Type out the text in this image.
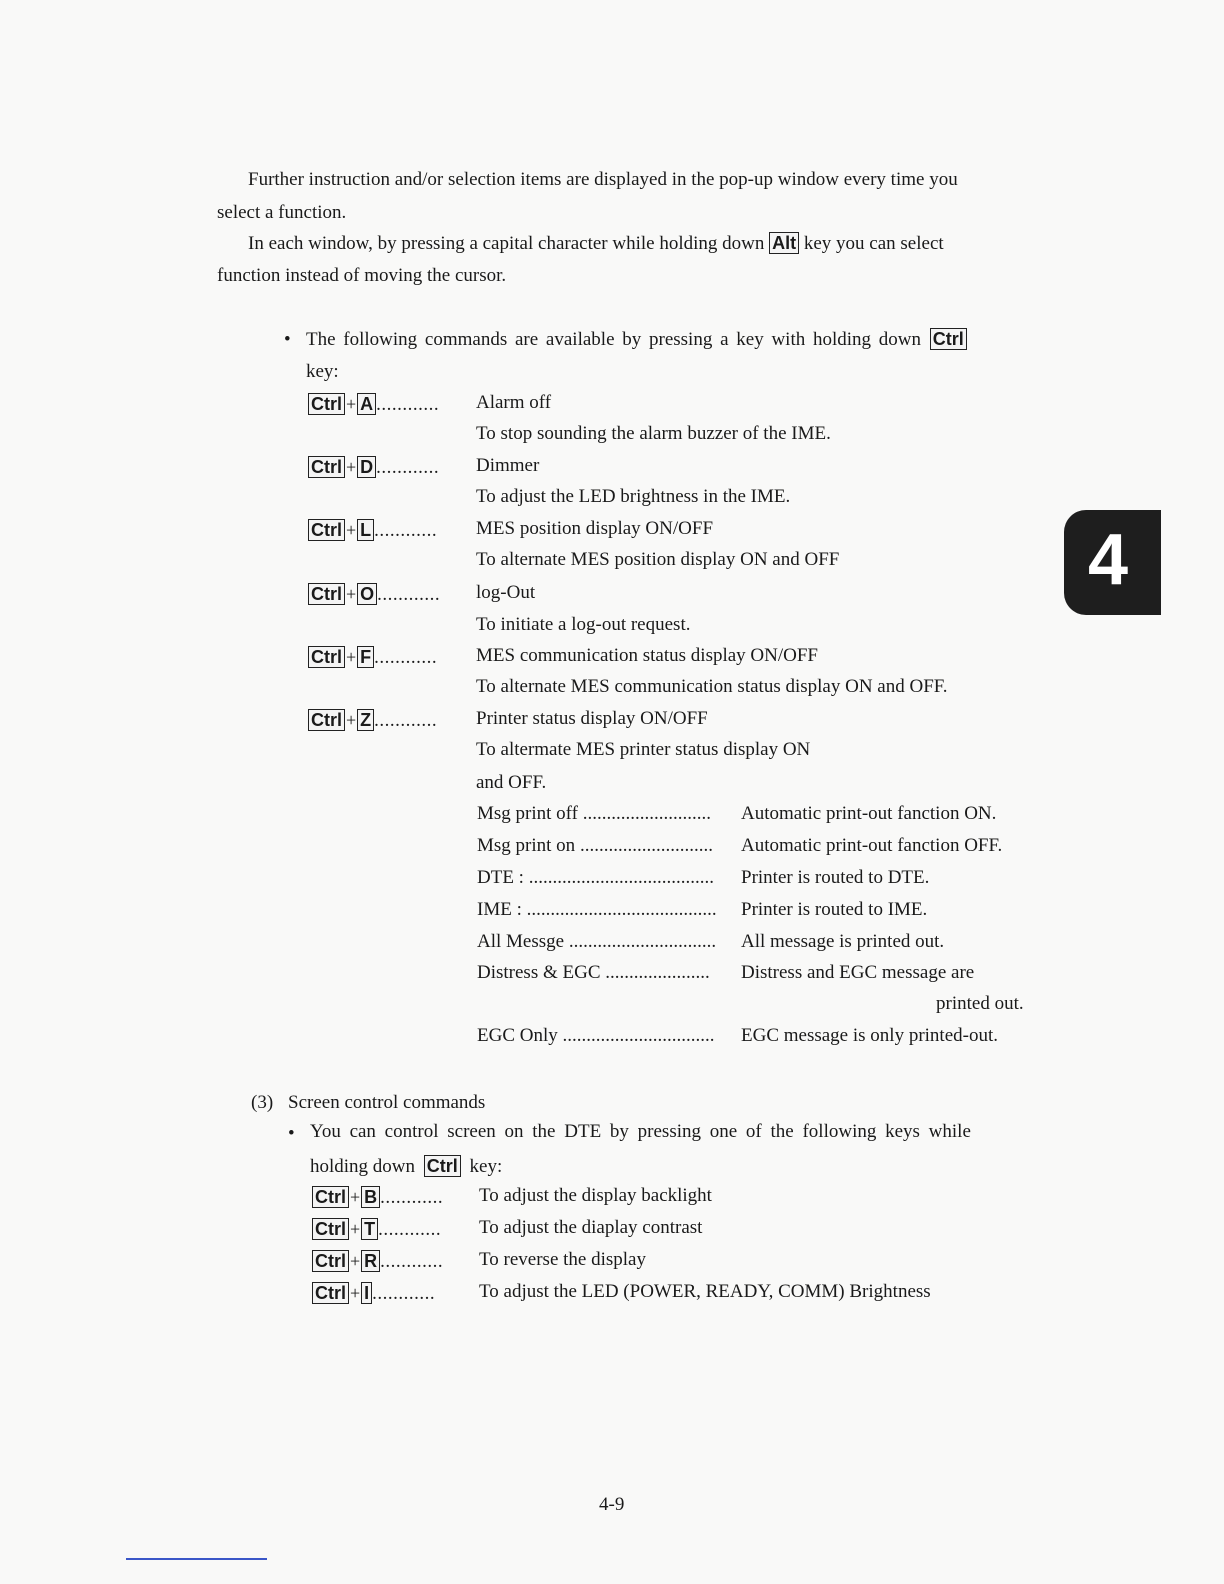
Further instruction and/or selection items are displayed in the pop-up window every time you
select a function.
In each window, by pressing a capital character while holding down Alt key you can select
function instead of moving the cursor.
• The following commands are available by pressing a key with holding down Ctrl
key:
Ctrl + A ............ Alarm off
To stop sounding the alarm buzzer of the IME.
Ctrl + D ............ Dimmer
To adjust the LED brightness in the IME.
Ctrl + L ............ MES position display ON/OFF
To alternate MES position display ON and OFF
Ctrl + O ............ log-Out
To initiate a log-out request.
Ctrl + F ............ MES communication status display ON/OFF
To alternate MES communication status display ON and OFF.
Ctrl + Z ............ Printer status display ON/OFF
To altermate MES printer status display ON
and OFF.
Msg print off ........................... Automatic print-out fanction ON.
Msg print on ............................ Automatic print-out fanction OFF.
DTE : ....................................... Printer is routed to DTE.
IME : ........................................ Printer is routed to IME.
All Messge ............................... All message is printed out.
Distress & EGC ...................... Distress and EGC message are
printed out.
EGC Only ................................ EGC message is only printed-out.
(3) Screen control commands
• You can control screen on the DTE by pressing one of the following keys while
holding down Ctrl key:
Ctrl + B ............ To adjust the display backlight
Ctrl + T ............ To adjust the diaplay contrast
Ctrl + R ............ To reverse the display
Ctrl + I ............ To adjust the LED (POWER, READY, COMM) Brightness
4
4-9
